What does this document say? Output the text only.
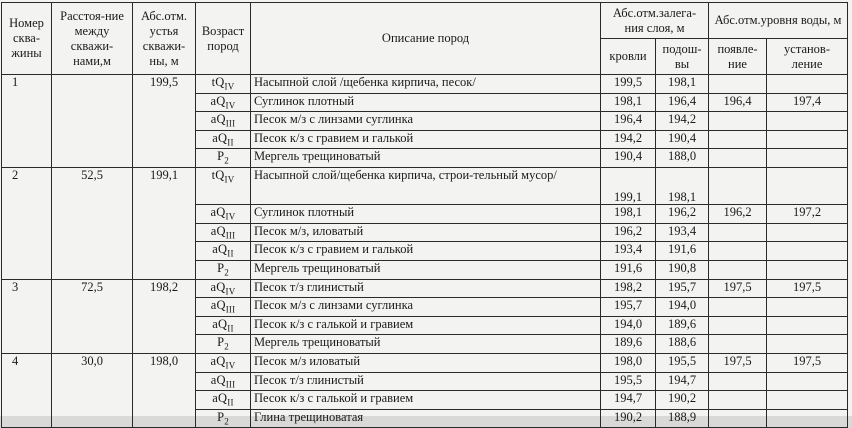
Номер сква-жины	Расстоя-ние между скважи-нами,м	Абс.отм. устья скважи-ны, м	Возраст пород	Описание пород	Абс.отм.залега-ния слоя, м		Абс.отм.уровня воды, м	
					кровли	подош-вы	появле-ние	установ-ление
1		199,5	$tQ_{IV}$	Насыпной слой /щебенка кирпича, песок/	199,5	198,1		
			$aQ_{IV}$	Суглинок плотный	198,1	196,4	196,4	197,4
			$aQ_{III}$	Песок м/з с линзами суглинка	196,4	194,2		
			$aQ_{II}$	Песок к/з с гравием и галькой	194,2	190,4		
			$P_2$	Мергель трещиноватый	190,4	188,0		
2	52,5	199,1	$tQ_{IV}$	Насыпной слой/щебенка кирпича, строи-тельный мусор/	199,1	198,1		
			$aQ_{IV}$	Суглинок плотный	198,1	196,2	196,2	197,2
			$aQ_{III}$	Песок м/з, иловатый	196,2	193,4		
			$aQ_{II}$	Песок к/з с гравием и галькой	193,4	191,6		
			$P_2$	Мергель трещиноватый	191,6	190,8		
3	72,5	198,2	$aQ_{IV}$	Песок т/з глинистый	198,2	195,7	197,5	197,5
			$aQ_{III}$	Песок м/з с линзами суглинка	195,7	194,0		
			$aQ_{II}$	Песок к/з с галькой и гравием	194,0	189,6		
			$P_2$	Мергель трещиноватый	189,6	188,6		
4	30,0	198,0	$aQ_{IV}$	Песок м/з иловатый	198,0	195,5	197,5	197,5
			$aQ_{III}$	Песок т/з глинистый	195,5	194,7		
			$aQ_{II}$	Песок к/з с галькой и гравием	194,7	190,2		
			$P_2$	Глина трещиноватая	190,2	188,9		
